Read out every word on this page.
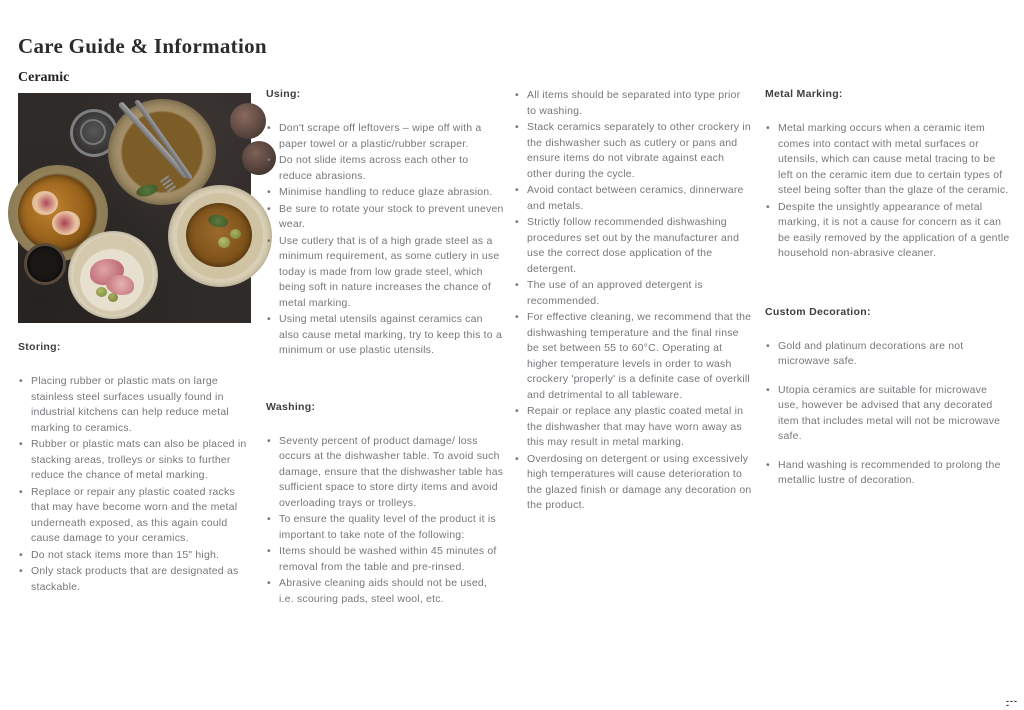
Care Guide & Information
Ceramic
Storing:
• Placing rubber or plastic mats on large stainless steel surfaces usually found in industrial kitchens can help reduce metal marking to ceramics.
• Rubber or plastic mats can also be placed in stacking areas, trolleys or sinks to further reduce the chance of metal marking.
• Replace or repair any plastic coated racks that may have become worn and the metal underneath exposed, as this again could cause damage to your ceramics.
• Do not stack items more than 15" high.
• Only stack products that are designated as stackable.
Using:
• Don't scrape off leftovers – wipe off with a paper towel or a plastic/rubber scraper.
• Do not slide items across each other to reduce abrasions.
• Minimise handling to reduce glaze abrasion.
• Be sure to rotate your stock to prevent uneven wear.
• Use cutlery that is of a high grade steel as a minimum requirement, as some cutlery in use today is made from low grade steel, which being soft in nature increases the chance of metal marking.
• Using metal utensils against ceramics can also cause metal marking, try to keep this to a minimum or use plastic utensils.
Washing:
• Seventy percent of product damage/ loss occurs at the dishwasher table. To avoid such damage, ensure that the dishwasher table has sufficient space to store dirty items and avoid overloading trays or trolleys.
• To ensure the quality level of the product it is important to take note of the following:
• Items should be washed within 45 minutes of removal from the table and pre-rinsed.
• Abrasive cleaning aids should not be used, i.e. scouring pads, steel wool, etc.
• All items should be separated into type prior to washing.
• Stack ceramics separately to other crockery in the dishwasher such as cutlery or pans and ensure items do not vibrate against each other during the cycle.
• Avoid contact between ceramics, dinnerware and metals.
• Strictly follow recommended dishwashing procedures set out by the manufacturer and use the correct dose application of the detergent.
• The use of an approved detergent is recommended.
• For effective cleaning, we recommend that the dishwashing temperature and the final rinse be set between 55 to 60°C. Operating at higher temperature levels in order to wash crockery 'properly' is a definite case of overkill and detrimental to all tableware.
• Repair or replace any plastic coated metal in the dishwasher that may have worn away as this may result in metal marking.
• Overdosing on detergent or using excessively high temperatures will cause deterioration to the glazed finish or damage any decoration on the product.
Metal Marking:
• Metal marking occurs when a ceramic item comes into contact with metal surfaces or utensils, which can cause metal tracing to be left on the ceramic item due to certain types of steel being softer than the glaze of the ceramic.
• Despite the unsightly appearance of metal marking, it is not a cause for concern as it can be easily removed by the application of a gentle household non-abrasive cleaner.
Custom Decoration:
• Gold and platinum decorations are not microwave safe.
• Utopia ceramics are suitable for microwave use, however be advised that any decorated item that includes metal will not be microwave safe.
• Hand washing is recommended to prolong the metallic lustre of decoration.
----
